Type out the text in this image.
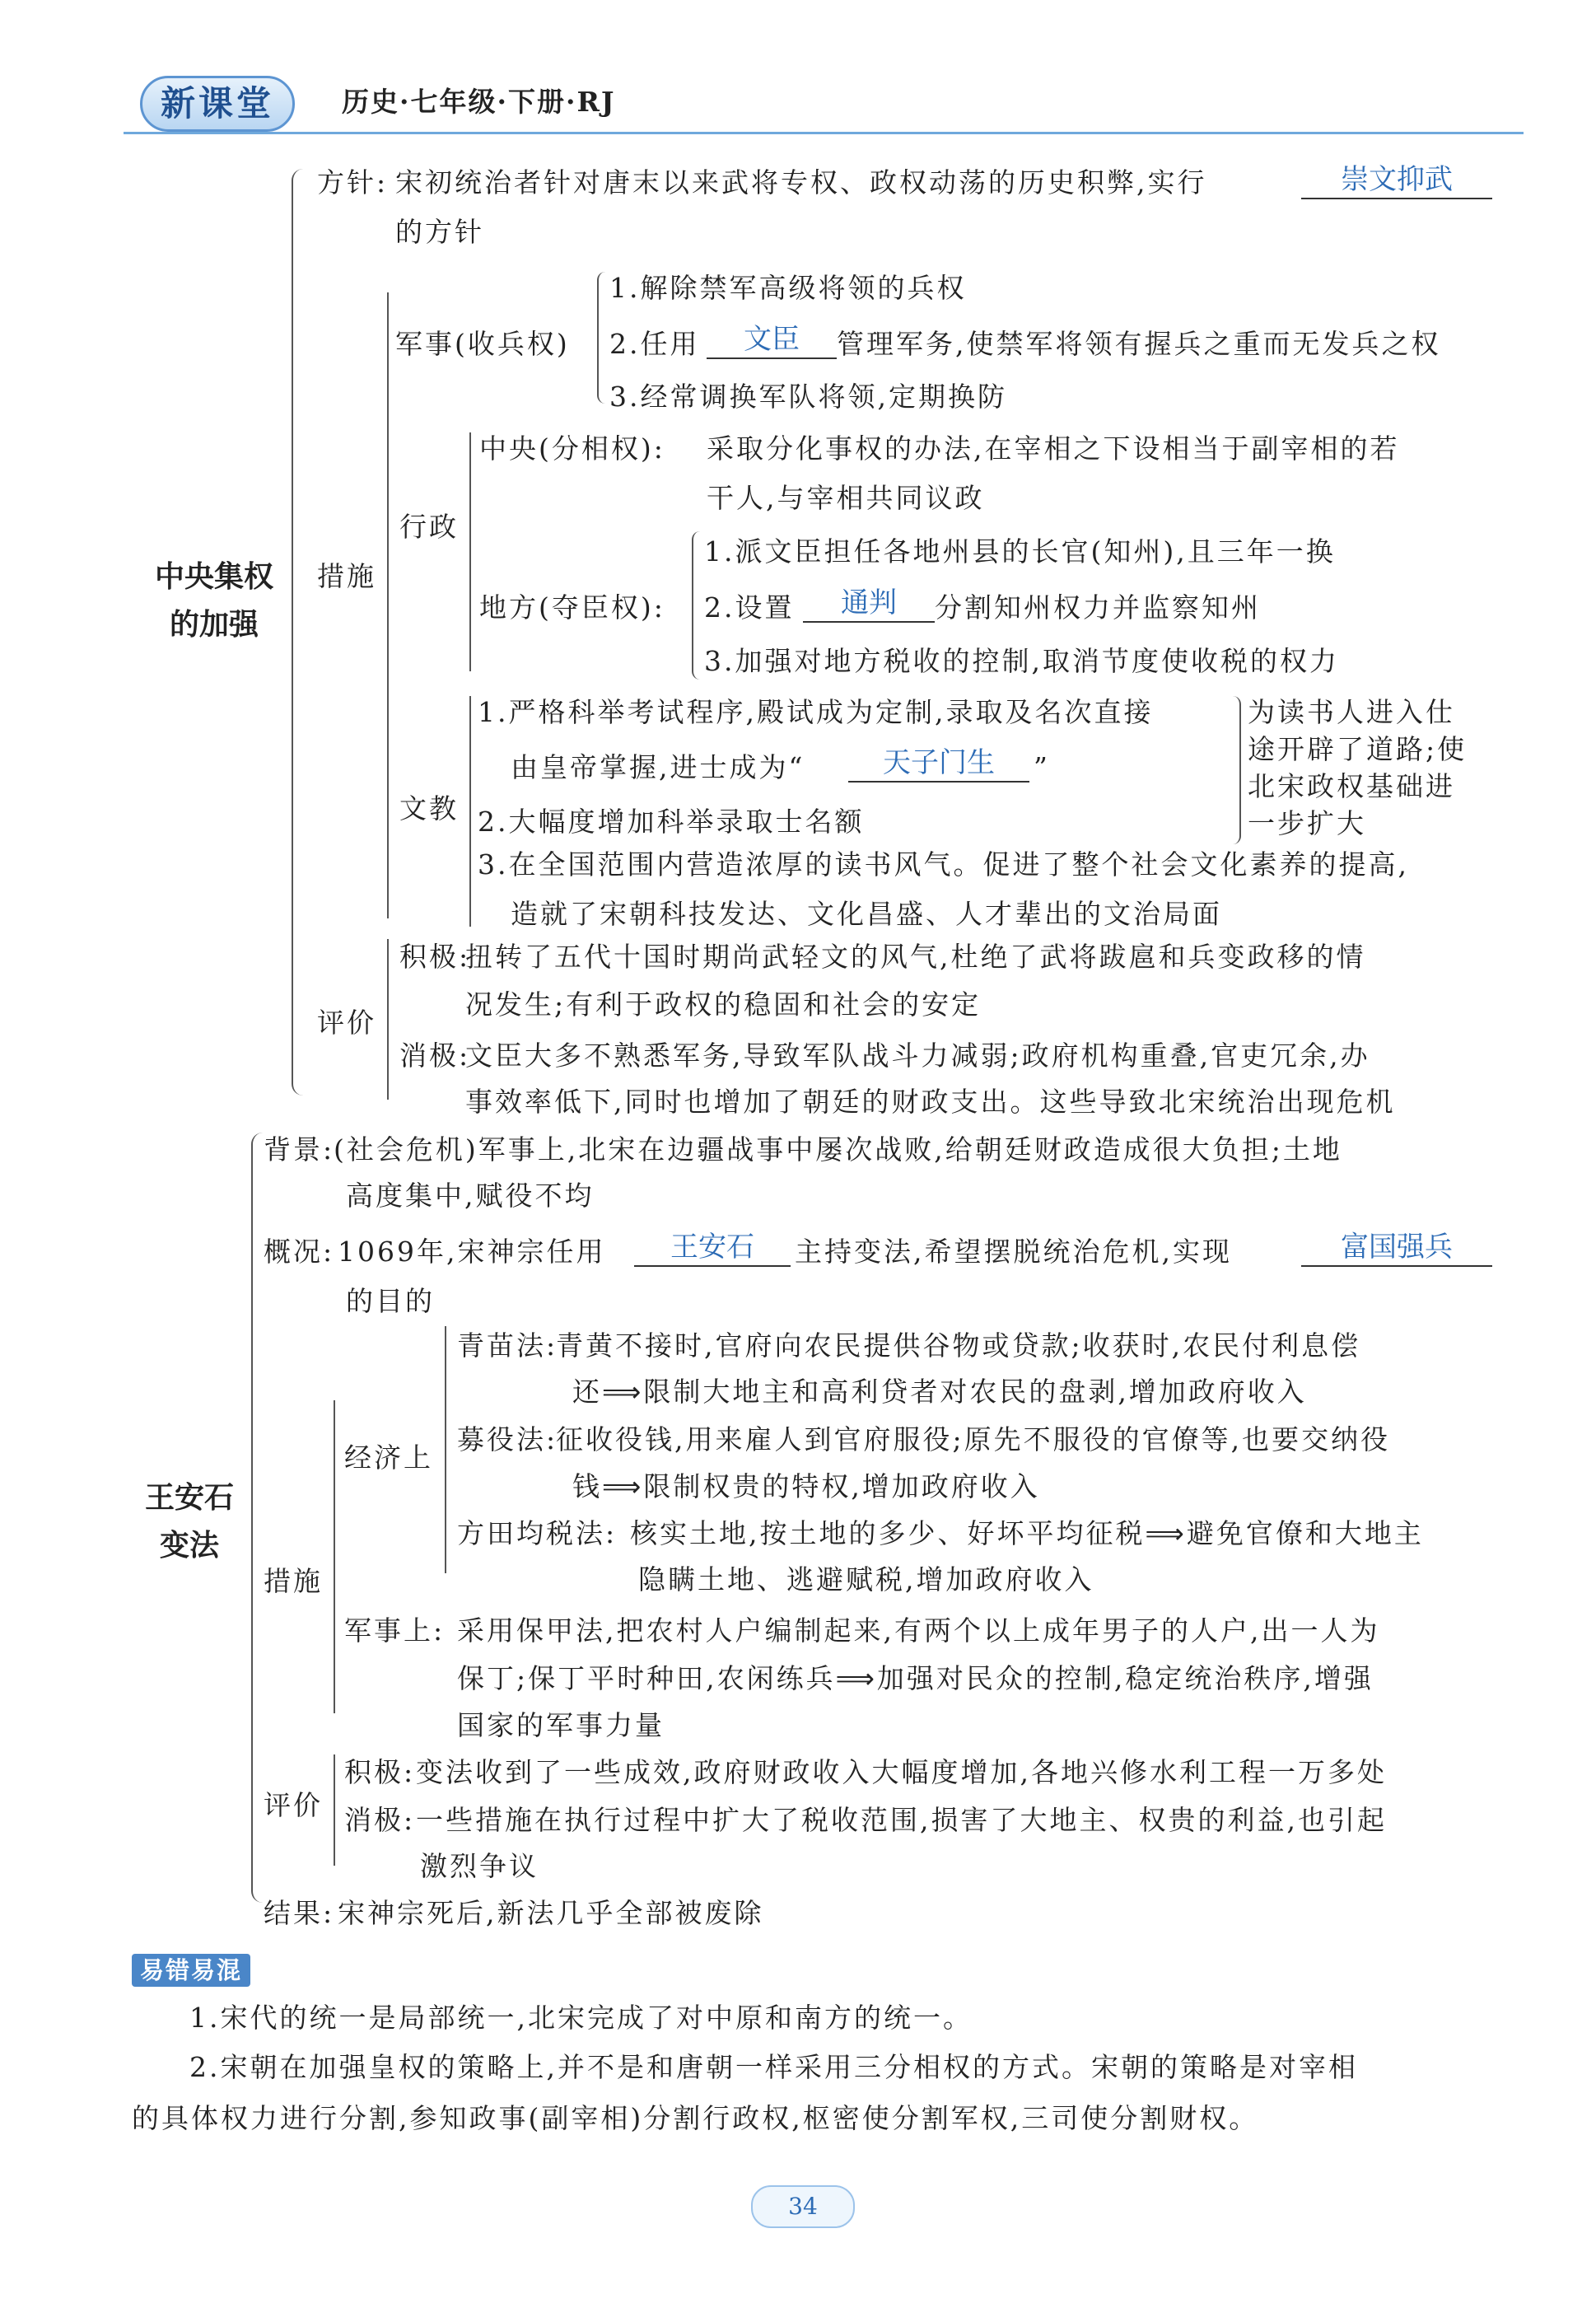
新课堂	历史·七年级·下册·RJ
中央集权
的加强
方针: 宋初统治者针对唐末以来武将专权、政权动荡的历史积弊,实行	崇文抑武
的方针
措施
军事(收兵权)
1.解除禁军高级将领的兵权
2.任用	文臣	管理军务,使禁军将领有握兵之重而无发兵之权
3.经常调换军队将领,定期换防
行政
中央(分相权): 采取分化事权的办法,在宰相之下设相当于副宰相的若
干人,与宰相共同议政
地方(夺臣权):
1.派文臣担任各地州县的长官(知州),且三年一换
2.设置	通判	分割知州权力并监察知州
3.加强对地方税收的控制,取消节度使收税的权力
文教
1.严格科举考试程序,殿试成为定制,录取及名次直接
由皇帝掌握,进士成为“	天子门生	”
2.大幅度增加科举录取士名额
为读书人进入仕
途开辟了道路;使
北宋政权基础进
一步扩大
3.在全国范围内营造浓厚的读书风气。促进了整个社会文化素养的提高,
造就了宋朝科技发达、文化昌盛、人才辈出的文治局面
评价
积极:
扭转了五代十国时期尚武轻文的风气,杜绝了武将跋扈和兵变政移的情
况发生;有利于政权的稳固和社会的安定
消极:
文臣大多不熟悉军务,导致军队战斗力减弱;政府机构重叠,官吏冗余,办
事效率低下,同时也增加了朝廷的财政支出。这些导致北宋统治出现危机
王安石
变法
背景:
(社会危机)军事上,北宋在边疆战事中屡次战败,给朝廷财政造成很大负担;土地
高度集中,赋役不均
概况: 1069年,宋神宗任用	王安石	主持变法,希望摆脱统治危机,实现	富国强兵
的目的
措施
经济上
青苗法:
青黄不接时,官府向农民提供谷物或贷款;收获时,农民付利息偿
还⟹限制大地主和高利贷者对农民的盘剥,增加政府收入
募役法:
征收役钱,用来雇人到官府服役;原先不服役的官僚等,也要交纳役
钱⟹限制权贵的特权,增加政府收入
方田均税法: 核实土地,按土地的多少、好坏平均征税⟹避免官僚和大地主
隐瞒土地、逃避赋税,增加政府收入
军事上: 采用保甲法,把农村人户编制起来,有两个以上成年男子的人户,出一人为
保丁;保丁平时种田,农闲练兵⟹加强对民众的控制,稳定统治秩序,增强
国家的军事力量
评价
积极: 变法收到了一些成效,政府财政收入大幅度增加,各地兴修水利工程一万多处
消极: 一些措施在执行过程中扩大了税收范围,损害了大地主、权贵的利益,也引起
激烈争议
结果: 宋神宗死后,新法几乎全部被废除
易错易混
1.宋代的统一是局部统一,北宋完成了对中原和南方的统一。
2.宋朝在加强皇权的策略上,并不是和唐朝一样采用三分相权的方式。宋朝的策略是对宰相
的具体权力进行分割,参知政事(副宰相)分割行政权,枢密使分割军权,三司使分割财权。
34
